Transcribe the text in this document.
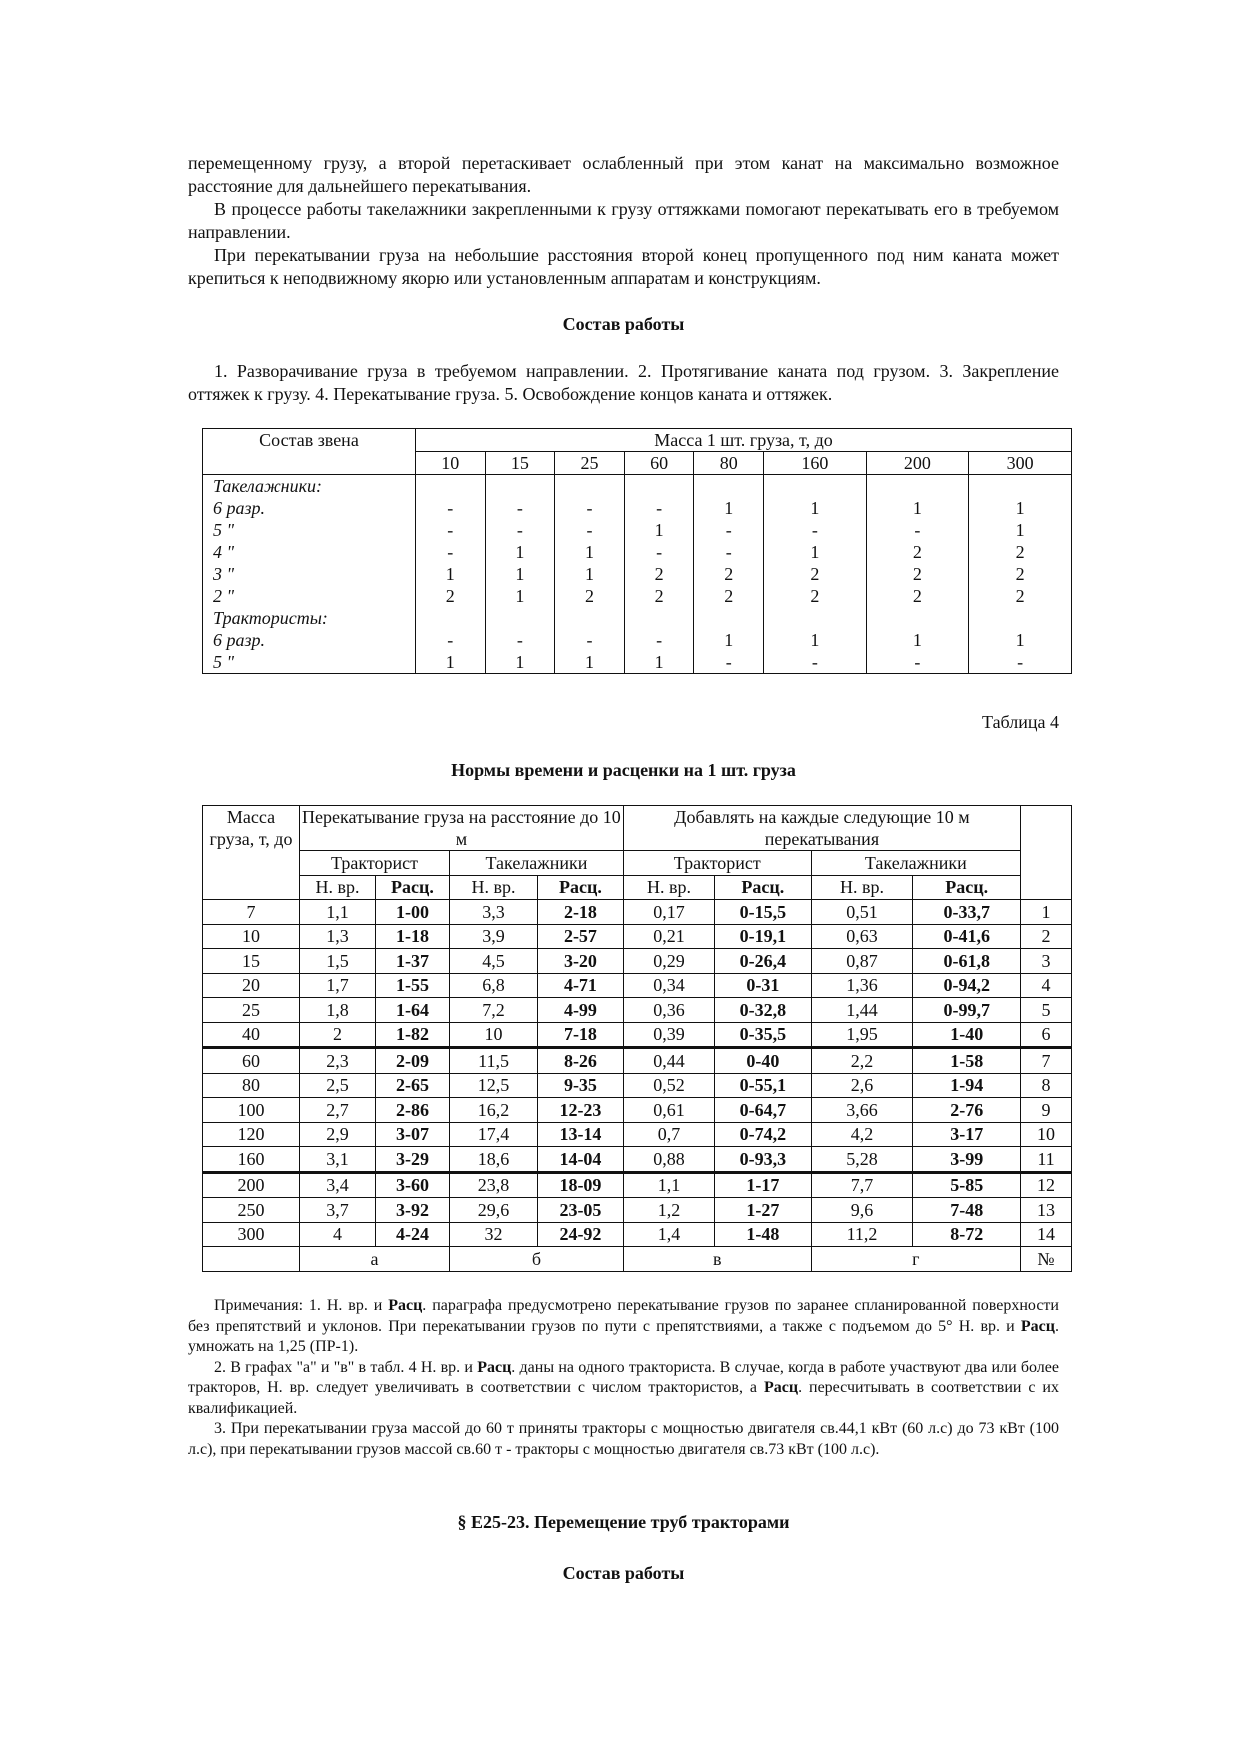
перемещенному грузу, а второй перетаскивает ослабленный при этом канат на максимально возможное расстояние для дальнейшего перекатывания.

В процессе работы такелажники закрепленными к грузу оттяжками помогают перекатывать его в требуемом направлении.

При перекатывании груза на небольшие расстояния второй конец пропущенного под ним каната может крепиться к неподвижному якорю или установленным аппаратам и конструкциям.

Состав работы

1. Разворачивание груза в требуемом направлении. 2. Протягивание каната под грузом. 3. Закрепление оттяжек к грузу. 4. Перекатывание груза. 5. Освобождение концов каната и оттяжек.

Состав звена	Масса 1 шт. груза, т, до							
	10	15	25	60	80	160	200	300
Такелажники:								
6 разр.	-	-	-	-	1	1	1	1
5 "	-	-	-	1	-	-	-	1
4 "	-	1	1	-	-	1	2	2
3 "	1	1	1	2	2	2	2	2
2 "	2	1	2	2	2	2	2	2
Трактористы:								
6 разр.	-	-	-	-	1	1	1	1
5 "	1	1	1	1	-	-	-	-
Таблица 4
Нормы времени и расценки на 1 шт. груза
Масса груза, т, до	Перекатывание груза на расстояние до 10 м				Добавлять на каждые следующие 10 м перекатывания				
	Тракторист		Такелажники		Тракторист		Такелажники		
	Н. вр.	Расц.	Н. вр.	Расц.	Н. вр.	Расц.	Н. вр.	Расц.	
7	1,1	1-00	3,3	2-18	0,17	0-15,5	0,51	0-33,7	1
10	1,3	1-18	3,9	2-57	0,21	0-19,1	0,63	0-41,6	2
15	1,5	1-37	4,5	3-20	0,29	0-26,4	0,87	0-61,8	3
20	1,7	1-55	6,8	4-71	0,34	0-31	1,36	0-94,2	4
25	1,8	1-64	7,2	4-99	0,36	0-32,8	1,44	0-99,7	5
40	2	1-82	10	7-18	0,39	0-35,5	1,95	1-40	6
60	2,3	2-09	11,5	8-26	0,44	0-40	2,2	1-58	7
80	2,5	2-65	12,5	9-35	0,52	0-55,1	2,6	1-94	8
100	2,7	2-86	16,2	12-23	0,61	0-64,7	3,66	2-76	9
120	2,9	3-07	17,4	13-14	0,7	0-74,2	4,2	3-17	10
160	3,1	3-29	18,6	14-04	0,88	0-93,3	5,28	3-99	11
200	3,4	3-60	23,8	18-09	1,1	1-17	7,7	5-85	12
250	3,7	3-92	29,6	23-05	1,2	1-27	9,6	7-48	13
300	4	4-24	32	24-92	1,4	1-48	11,2	8-72	14
	а		б		в		г		№

Примечания: 1. Н. вр. и Расц. параграфа предусмотрено перекатывание грузов по заранее спланированной поверхности без препятствий и уклонов. При перекатывании грузов по пути с препятствиями, а также с подъемом до 5° Н. вр. и Расц. умножать на 1,25 (ПР-1).

2. В графах "а" и "в" в табл. 4 Н. вр. и Расц. даны на одного тракториста. В случае, когда в работе участвуют два или более тракторов, Н. вр. следует увеличивать в соответствии с числом трактористов, а Расц. пересчитывать в соответствии с их квалификацией.

3. При перекатывании груза массой до 60 т приняты тракторы с мощностью двигателя св.44,1 кВт (60 л.с) до 73 кВт (100 л.с), при перекатывании грузов массой св.60 т - тракторы с мощностью двигателя св.73 кВт (100 л.с).

§ Е25-23. Перемещение труб тракторами
Состав работы
